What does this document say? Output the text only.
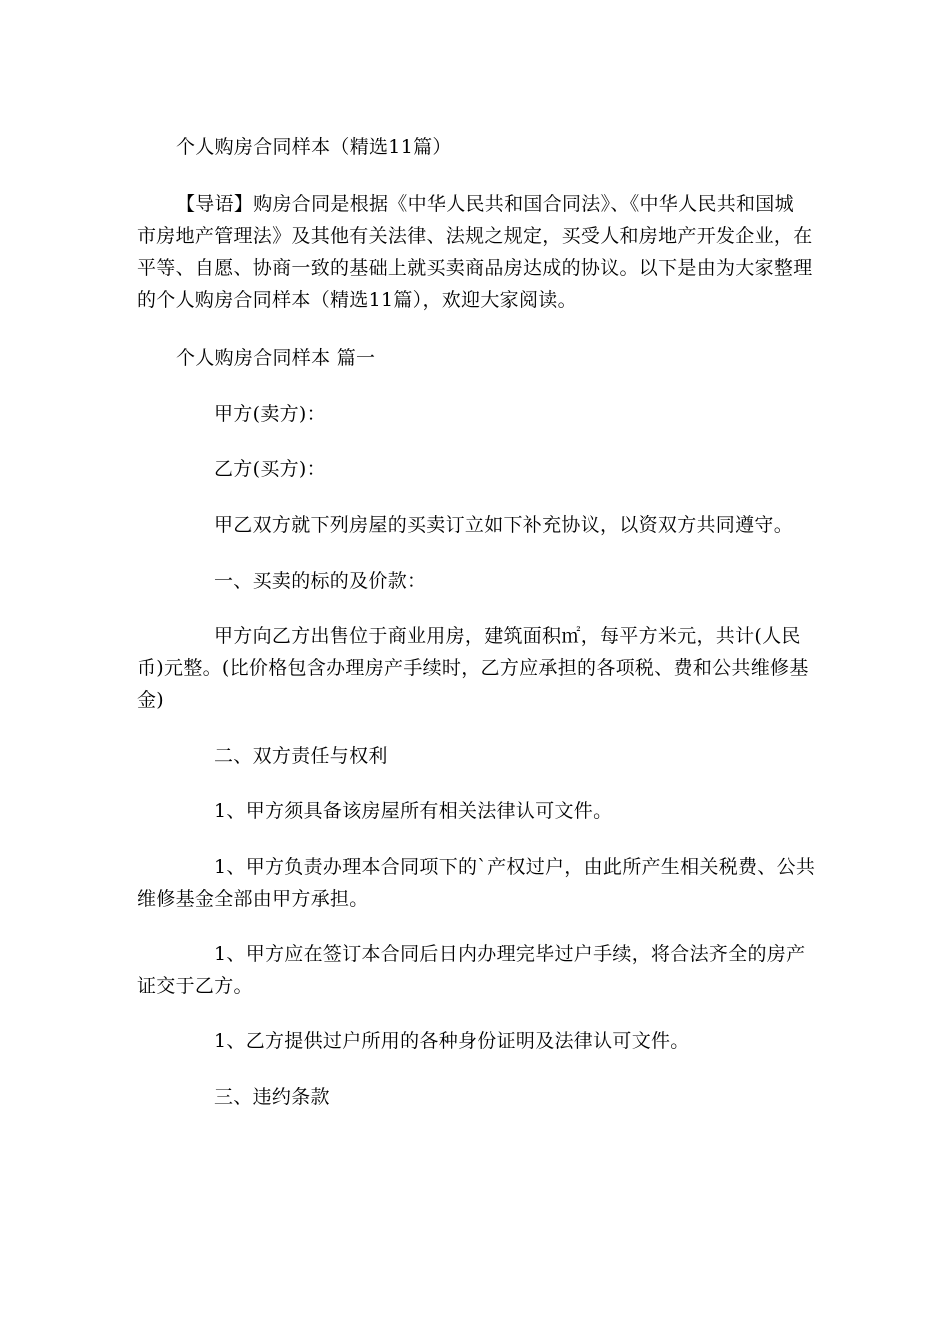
个人购房合同样本（精选11篇）
【导语】购房合同是根据《中华人民共和国合同法》、《中华人民共和国城
市房地产管理法》及其他有关法律、法规之规定，买受人和房地产开发企业，在
平等、自愿、协商一致的基础上就买卖商品房达成的协议。以下是由为大家整理
的个人购房合同样本（精选11篇），欢迎大家阅读。
个人购房合同样本 篇一
甲方(卖方)：
乙方(买方)：
甲乙双方就下列房屋的买卖订立如下补充协议，以资双方共同遵守。
一、买卖的标的及价款：
甲方向乙方出售位于商业用房，建筑面积㎡，每平方米元，共计(人民
币)元整。(比价格包含办理房产手续时，乙方应承担的各项税、费和公共维修基
金)
二、双方责任与权利
1、甲方须具备该房屋所有相关法律认可文件。
1、甲方负责办理本合同项下的`产权过户，由此所产生相关税费、公共
维修基金全部由甲方承担。
1、甲方应在签订本合同后日内办理完毕过户手续，将合法齐全的房产
证交于乙方。
1、乙方提供过户所用的各种身份证明及法律认可文件。
三、违约条款
